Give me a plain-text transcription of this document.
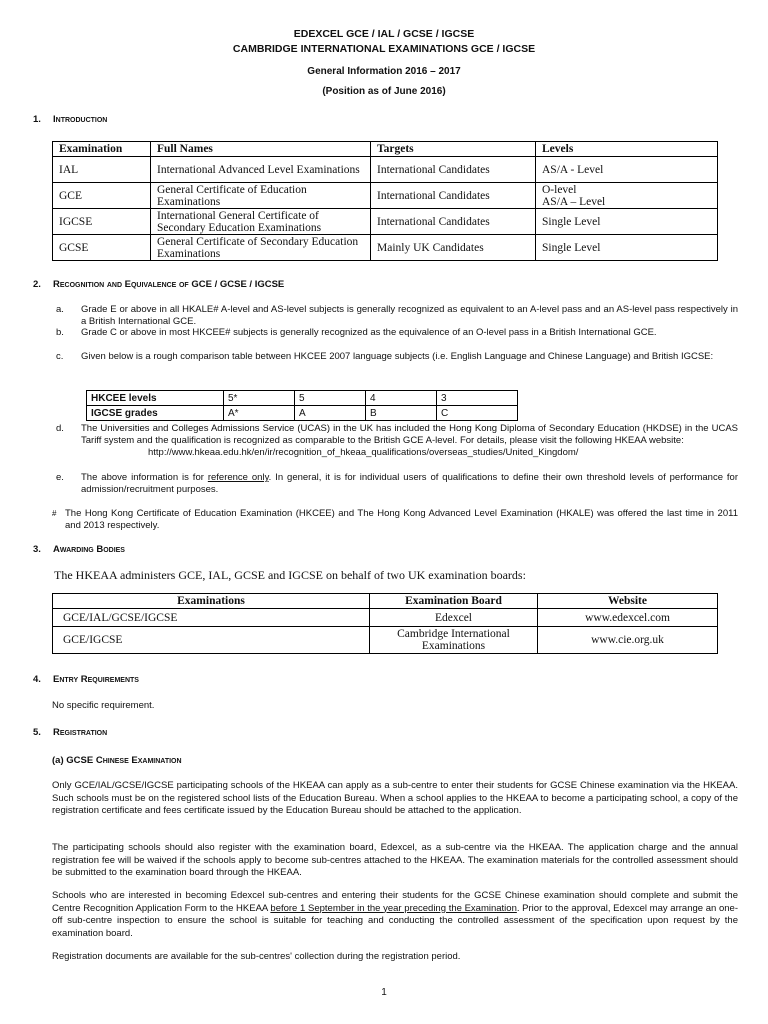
EDEXCEL GCE / IAL / GCSE / IGCSE
CAMBRIDGE INTERNATIONAL EXAMINATIONS GCE / IGCSE
General Information 2016 – 2017
(Position as of June 2016)
1. Introduction
Examination	Full Names	Targets	Levels
IAL	International Advanced Level Examinations	International Candidates	AS/A - Level
GCE	General Certificate of Education Examinations	International Candidates	O-level
AS/A – Level

IGCSE	International General Certificate of Secondary Education Examinations	International Candidates	Single Level
GCSE	General Certificate of Secondary Education Examinations	Mainly UK Candidates	Single Level
2. Recognition and Equivalence of GCE / GCSE / IGCSE
a. Grade E or above in all HKALE# A-level and AS-level subjects is generally recognized as equivalent to an A-level pass and an AS-level pass respectively in a British International GCE.
b. Grade C or above in most HKCEE# subjects is generally recognized as the equivalence of an O-level pass in a British International GCE.
c. Given below is a rough comparison table between HKCEE 2007 language subjects (i.e. English Language and Chinese Language) and British IGCSE:
HKCEE levels	5*	5	4	3
IGCSE grades	A*	A	B	C
d. The Universities and Colleges Admissions Service (UCAS) in the UK has included the Hong Kong Diploma of Secondary Education (HKDSE) in the UCAS Tariff system and the qualification is recognized as comparable to the British GCE A-level. For details, please visit the following HKEAA website:
http://www.hkeaa.edu.hk/en/ir/recognition_of_hkeaa_qualifications/overseas_studies/United_Kingdom/
e. The above information is for reference only. In general, it is for individual users of qualifications to define their own threshold levels of performance for admission/recruitment purposes.
# The Hong Kong Certificate of Education Examination (HKCEE) and The Hong Kong Advanced Level Examination (HKALE) was offered the last time in 2011 and 2013 respectively.
3. Awarding Bodies
The HKEAA administers GCE, IAL, GCSE and IGCSE on behalf of two UK examination boards:
Examinations	Examination Board	Website
GCE/IAL/GCSE/IGCSE	Edexcel	www.edexcel.com
GCE/IGCSE	Cambridge International Examinations	www.cie.org.uk
4. Entry Requirements
No specific requirement.
5. Registration
(a) GCSE Chinese Examination
Only GCE/IAL/GCSE/IGCSE participating schools of the HKEAA can apply as a sub-centre to enter their students for GCSE Chinese examination via the HKEAA. Such schools must be on the registered school lists of the Education Bureau. When a school applies to the HKEAA to become a participating school, a copy of the registration certificate and fees certificate issued by the Education Bureau should be attached to the application.
The participating schools should also register with the examination board, Edexcel, as a sub-centre via the HKEAA. The application charge and the annual registration fee will be waived if the schools apply to become sub-centres attached to the HKEAA. The examination materials for the controlled assessment should be submitted to the examination board through the HKEAA.
Schools who are interested in becoming Edexcel sub-centres and entering their students for the GCSE Chinese examination should complete and submit the Centre Recognition Application Form to the HKEAA before 1 September in the year preceding the Examination. Prior to the approval, Edexcel may arrange an one-off sub-centre inspection to ensure the school is suitable for teaching and conducting the controlled assessment of the specification upon request by the examination board.
Registration documents are available for the sub-centres' collection during the registration period.
1
